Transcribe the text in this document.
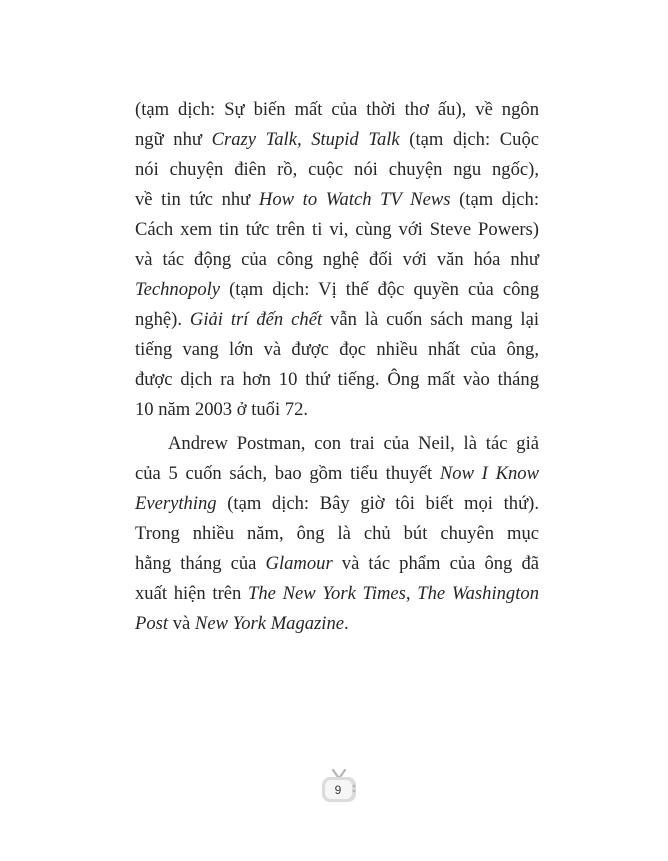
(tạm dịch: Sự biến mất của thời thơ ấu), về ngôn
ngữ như Crazy Talk, Stupid Talk (tạm dịch: Cuộc
nói chuyện điên rồ, cuộc nói chuyện ngu ngốc),
về tin tức như How to Watch TV News (tạm dịch:
Cách xem tin tức trên ti vi, cùng với Steve Powers)
và tác động của công nghệ đối với văn hóa như
Technopoly (tạm dịch: Vị thế độc quyền của công
nghệ). Giải trí đến chết vẫn là cuốn sách mang lại
tiếng vang lớn và được đọc nhiều nhất của ông,
được dịch ra hơn 10 thứ tiếng. Ông mất vào tháng
10 năm 2003 ở tuổi 72.
Andrew Postman, con trai của Neil, là tác giả
của 5 cuốn sách, bao gồm tiểu thuyết Now I Know
Everything (tạm dịch: Bây giờ tôi biết mọi thứ).
Trong nhiều năm, ông là chủ bút chuyên mục
hằng tháng của Glamour và tác phẩm của ông đã
xuất hiện trên The New York Times, The Washington
Post và New York Magazine.
9
